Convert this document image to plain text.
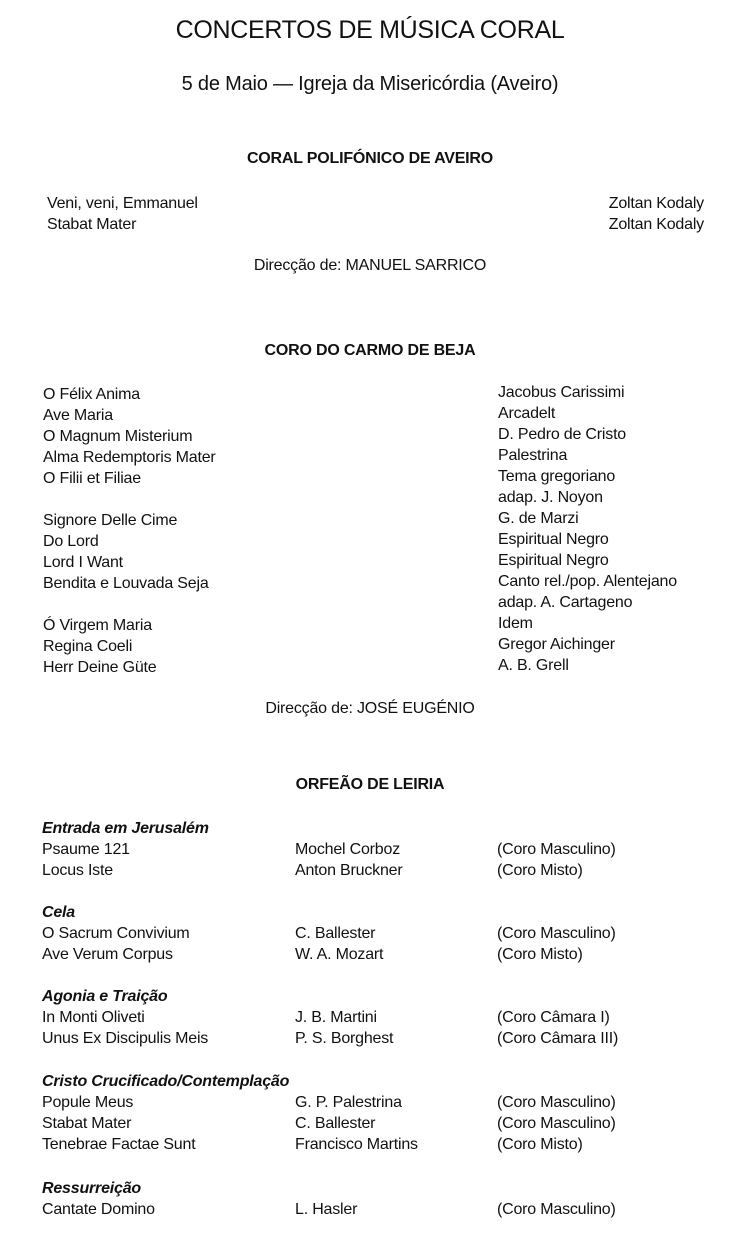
CONCERTOS DE MÚSICA CORAL
5 de Maio — Igreja da Misericórdia (Aveiro)
CORAL POLIFÓNICO DE AVEIRO
Veni, veni, Emmanuel	Zoltan Kodaly
Stabat Mater	Zoltan Kodaly
Direcção de: MANUEL SARRICO
CORO DO CARMO DE BEJA
O Félix Anima	Jacobus Carissimi
Ave Maria	Arcadelt
O Magnum Misterium	D. Pedro de Cristo
Alma Redemptoris Mater	Palestrina
O Filii et Filiae	Tema gregoriano
adap. J. Noyon
Signore Delle Cime	G. de Marzi
Do Lord	Espiritual Negro
Lord I Want	Espiritual Negro
Bendita e Louvada Seja	Canto rel./pop. Alentejano
adap. A. Cartageno
Ó Virgem Maria	Idem
Regina Coeli	Gregor Aichinger
Herr Deine Güte	A. B. Grell
Direcção de: JOSÉ EUGÉNIO
ORFEÃO DE LEIRIA
Entrada em Jerusalém
Psaume 121	Mochel Corboz	(Coro Masculino)
Locus Iste	Anton Bruckner	(Coro Misto)
Cela
O Sacrum Convivium	C. Ballester	(Coro Masculino)
Ave Verum Corpus	W. A. Mozart	(Coro Misto)
Agonia e Traição
In Monti Oliveti	J. B. Martini	(Coro Câmara I)
Unus Ex Discipulis Meis	P. S. Borghest	(Coro Câmara III)
Cristo Crucificado/Contemplação
Popule Meus	G. P. Palestrina	(Coro Masculino)
Stabat Mater	C. Ballester	(Coro Masculino)
Tenebrae Factae Sunt	Francisco Martins	(Coro Misto)
Ressurreição
Cantate Domino	L. Hasler	(Coro Masculino)
